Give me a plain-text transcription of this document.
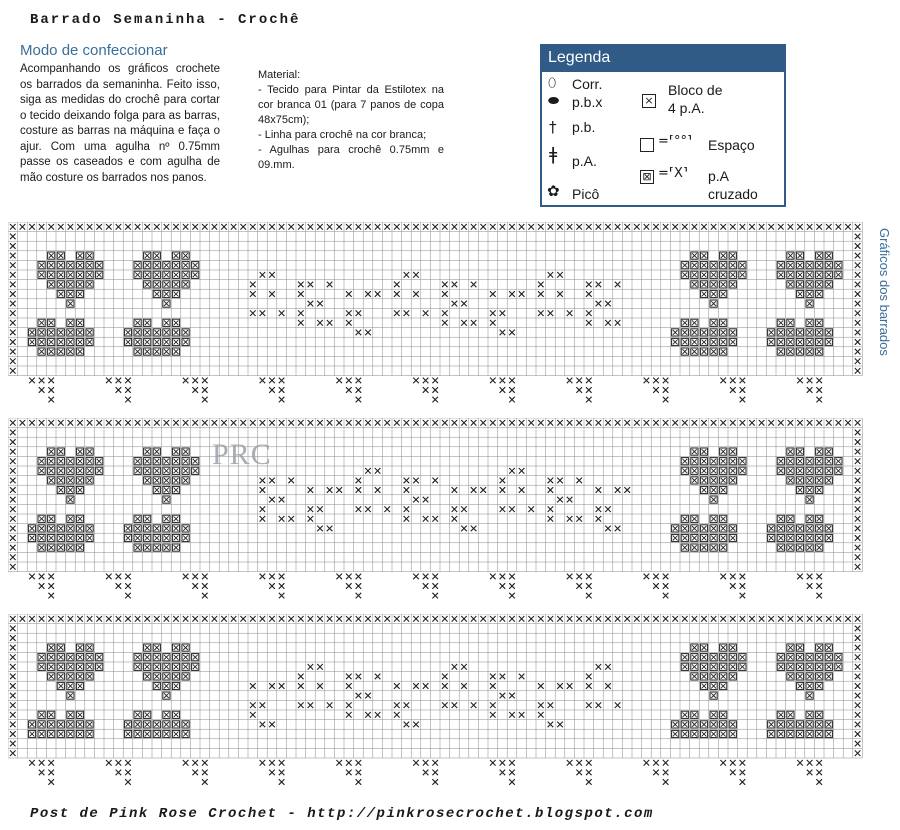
Barrado Semaninha - Crochê
Modo de confeccionar
Acompanhando os gráficos crochete os barrados da semaninha. Feito isso, siga as medidas do crochê para cortar o tecido deixando folga para as barras, costure as barras na máquina e faça o ajur. Com uma agulha nº 0.75mm passe os caseados e com agulha de mão costure os barrados nos panos.
Material:
- Tecido para Pintar da Estilotex na cor branca 01 (para 7 panos de copa 48x75cm);
- Linha para crochê na cor branca;
- Agulhas para crochê 0.75mm e 09.mm.
Legenda
⬯ Corr.
⬬ p.b.x
† p.b.
ǂ p.A.
✿ Picô
×
Bloco de
4 p.A.
=⸢°°⸣ Espaço
⊠ =⸢X⸣ p.A
cruzado
Gráficos dos barrados
PRC
Post de Pink Rose Crochet - http://pinkrosecrochet.blogspot.com
